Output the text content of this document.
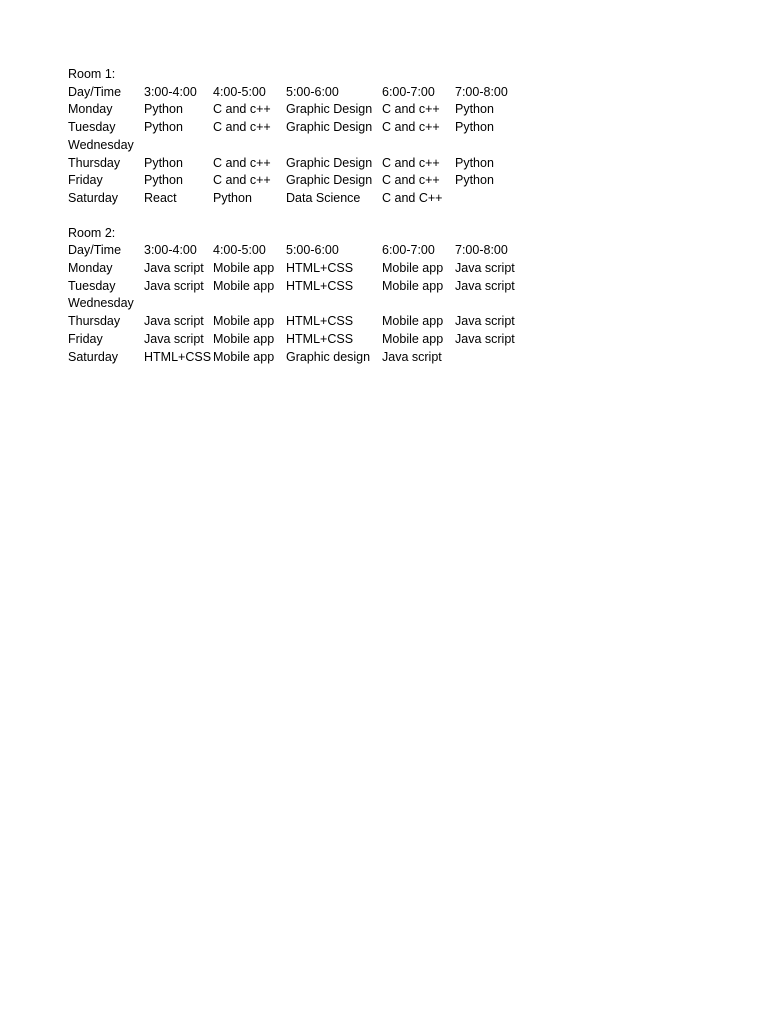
Room 1:
Day/Time	3:00-4:00	4:00-5:00	5:00-6:00	6:00-7:00	7:00-8:00
Monday	Python	C and c++	Graphic Design	C and c++	Python
Tuesday	Python	C and c++	Graphic Design	C and c++	Python
Wednesday					
Thursday	Python	C and c++	Graphic Design	C and c++	Python
Friday	Python	C and c++	Graphic Design	C and c++	Python
Saturday	React	Python	Data Science	C and C++	
Room 2:
Day/Time	3:00-4:00	4:00-5:00	5:00-6:00	6:00-7:00	7:00-8:00
Monday	Java script	Mobile app	HTML+CSS	Mobile app	Java script
Tuesday	Java script	Mobile app	HTML+CSS	Mobile app	Java script
Wednesday					
Thursday	Java script	Mobile app	HTML+CSS	Mobile app	Java script
Friday	Java script	Mobile app	HTML+CSS	Mobile app	Java script
Saturday	HTML+CSS	Mobile app	Graphic design	Java script	
